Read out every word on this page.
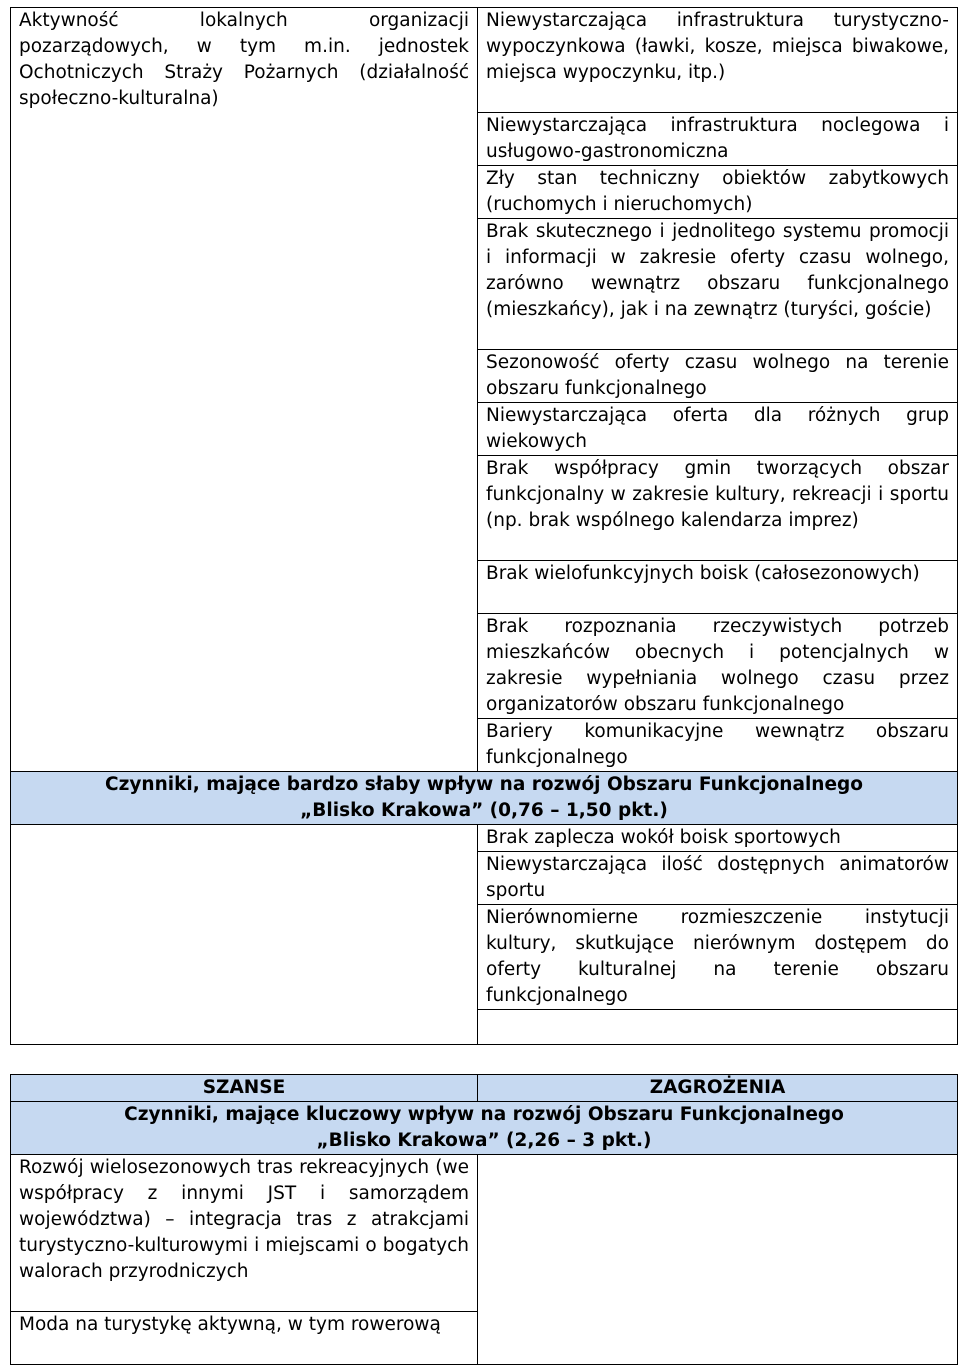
Aktywność lokalnych organizacji pozarządowych, w tym m.in. jednostek Ochotniczych Straży Pożarnych (działalność społeczno-kulturalna)	Niewystarczająca infrastruktura turystyczno-wypoczynkowa (ławki, kosze, miejsca biwakowe, miejsca wypoczynku, itp.)
	Niewystarczająca infrastruktura noclegowa i usługowo-gastronomiczna
	Zły stan techniczny obiektów zabytkowych (ruchomych i nieruchomych)
	Brak skutecznego i jednolitego systemu promocji i informacji w zakresie oferty czasu wolnego, zarówno wewnątrz obszaru funkcjonalnego (mieszkańcy), jak i na zewnątrz (turyści, goście)
	Sezonowość oferty czasu wolnego na terenie obszaru funkcjonalnego
	Niewystarczająca oferta dla różnych grup wiekowych
	Brak współpracy gmin tworzących obszar funkcjonalny w zakresie kultury, rekreacji i sportu (np. brak wspólnego kalendarza imprez)
	Brak wielofunkcyjnych boisk (całosezonowych)
	Brak rozpoznania rzeczywistych potrzeb mieszkańców obecnych i potencjalnych w zakresie wypełniania wolnego czasu przez organizatorów obszaru funkcjonalnego
	Bariery komunikacyjne wewnątrz obszaru funkcjonalnego

Czynniki, mające bardzo słaby wpływ na rozwój Obszaru Funkcjonalnego
„Blisko Krakowa” (0,76 – 1,50 pkt.)	

	Brak zaplecza wokół boisk sportowych
	Niewystarczająca ilość dostępnych animatorów sportu
	Nierównomierne rozmieszczenie instytucji kultury, skutkujące nierównym dostępem do oferty kulturalnej na terenie obszaru funkcjonalnego

SZANSE	ZAGROŻENIA

Czynniki, mające kluczowy wpływ na rozwój Obszaru Funkcjonalnego
„Blisko Krakowa” (2,26 – 3 pkt.)	

Rozwój wielosezonowych tras rekreacyjnych (we współpracy z innymi JST i samorządem województwa) – integracja tras z atrakcjami turystyczno-kulturowymi i miejscami o bogatych walorach przyrodniczych	
Moda na turystykę aktywną, w tym rowerową	
